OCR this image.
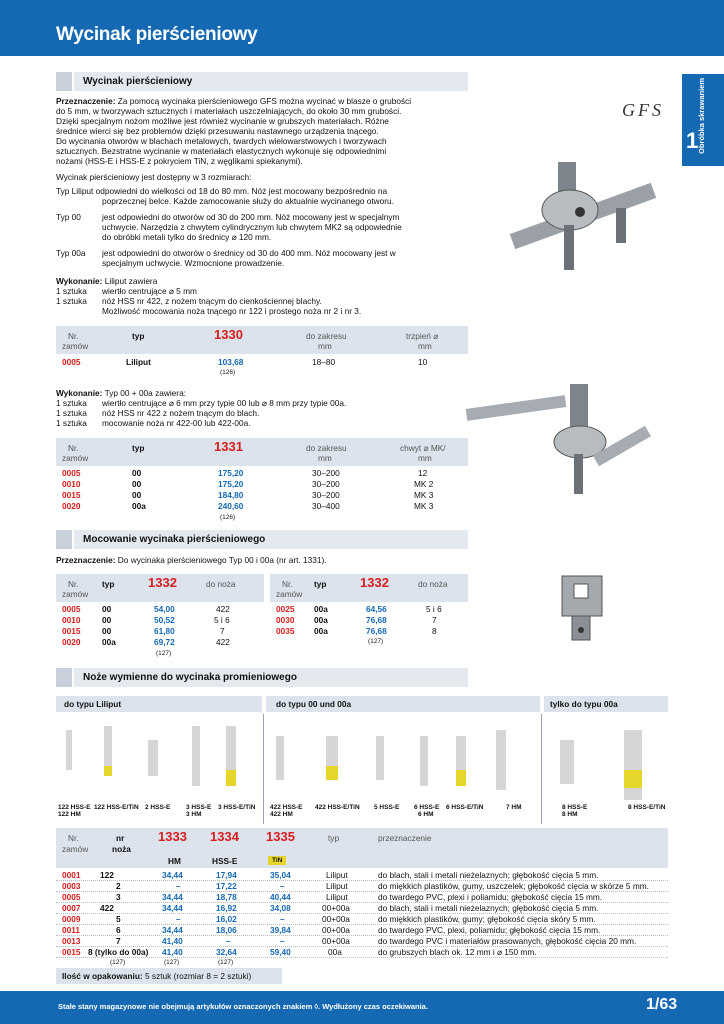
Wycinak pierścieniowy
Obróbka skrawaniem
1
GFS
Wycinak pierścieniowy
Przeznaczenie: Za pomocą wycinaka pierścieniowego GFS można wycinać w blasze o grubości
do 5 mm, w tworzywach sztucznych i materiałach uszczelniających, do około 30 mm grubości.
Dzięki specjalnym nożom możliwe jest również wycinanie w grubszych materiałach. Różne
średnice wierci się bez problemów dzięki przesuwaniu nastawnego urządzenia tnącego.
Do wycinania otworów w blachach metalowych, twardych wielowarstwowych i tworzywach
sztucznych. Bezstratne wycinanie w materiałach elastycznych wykonuje się odpowiednimi
nożami (HSS-E i HSS-E z pokryciem TiN, z węglikami spiekanymi).
Wycinak pierścieniowy jest dostępny w 3 rozmiarach:
Typ Liliput odpowiedni do wielkości od 18 do 80 mm. Nóż jest mocowany bezpośrednio na
poprzecznej belce. Każde zamocowanie służy do aktualnie wycinanego otworu.
Typ 00	jest odpowiedni do otworów od 30 do 200 mm. Nóż mocowany jest w specjalnym
uchwycie. Narzędzia z chwytem cylindrycznym lub chwytem MK2 są odpowiednie
do obróbki metali tylko do średnicy ⌀ 120 mm.
Typ 00a	jest odpowiedni do otworów o średnicy od 30 do 400 mm. Nóż mocowany jest w
specjalnym uchwycie. Wzmocnione prowadzenie.
Wykonanie: Liliput zawiera
1 sztuka wiertło centrujące ⌀ 5 mm
1 sztuka nóż HSS nr 422, z nożem tnącym do cienkościennej blachy.
Możliwość mocowania noża tnącego nr 122 i prostego noża nr 2 i nr 3.
Nr.
zamów
typ	1330	do zakresu
mm
trzpień ⌀
mm
0005	Liliput	103,68	18–80	10
(126)
Wykonanie: Typ 00 + 00a zawiera:
1 sztuka wiertło centrujące ⌀ 6 mm przy typie 00 lub ⌀ 8 mm przy typie 00a.
1 sztuka nóż HSS nr 422 z nożem tnącym do blach.
1 sztuka mocowanie noża nr 422-00 lub 422-00a.
Nr.
zamów
typ	1331	do zakresu
mm
chwyt ⌀ MK/
mm
0005	00	175,20	30–200	12
0010	00	175,20	30–200	MK 2
0015	00	184,80	30–200	MK 3
0020	00a	240,60	30–400	MK 3
(126)
Mocowanie wycinaka pierścieniowego
Przeznaczenie: Do wycinaka pierścieniowego Typ 00 i 00a (nr art. 1331).
Nr.
zamów
typ	1332	do noża	Nr.
zamów
typ	1332	do noża
0005	00	54,00	422
0010	00	50,52	5 i 6
0015	00	61,80	7
0020	00a	69,72	422
0025 00a	64,56	5 i 6
0030 00a	76,68	7
0035 00a	76,68	8
(127)
(127)
Noże wymienne do wycinaka promieniowego
do typu Liliput	do typu 00 und 00a	tylko do typu 00a
122 HSS-E
122 HM
122 HSS-E/TiN 2 HSS-E 3 HSS-E
3 HM
3 HSS-E/TiN 422 HSS-E
422 HM
422 HSS-E/TiN 5 HSS-E 6 HSS-E
6 HM
6 HSS-E/TiN	7 HM	8 HSS-E
8 HM
8 HSS-E/TiN
Nr.
zamów
nr
noża
1333
HM
1334
HSS-E
1335
TiN
typ	przeznaczenie
0001 122	34,44	17,94	35,04	Liliput	do blach, stali i metali nieżelaznych; głębokość cięcia 5 mm.
0003	2	–	17,22	–	Liliput	do miękkich plastików, gumy, uszczelek; głębokość cięcia w skórze 5 mm.
0005	3	34,44	18,78	40,44	Liliput	do twardego PVC, plexi i poliamidu; głębokość cięcia 15 mm.
0007 422	34,44	16,92	34,08	00+00a	do blach, stali i metali nieżelaznych; głębokość cięcia 5 mm.
0009	5	–	16,02	–	00+00a	do miękkich plastików, gumy; głębokość cięcia skóry 5 mm.
0011	6	34,44	18,06	39,84	00+00a	do twardego PVC, plexi, poliamidu; głębokość cięcia 15 mm.
0013	7	41,40	–	–	00+00a	do twardego PVC i materiałów prasowanych, głębokość cięcia 20 mm.
0015 8 (tylko do 00a) 41,40	32,64	59,40	00a	do grubszych blach ok. 12 mm i ⌀ 150 mm.
(127)	(127)	(127)
Ilość w opakowaniu: 5 sztuk (rozmiar 8 = 2 sztuki)
Stałe stany magazynowe nie obejmują artykułów oznaczonych znakiem ◊. Wydłużony czas oczekiwania.	1/63
